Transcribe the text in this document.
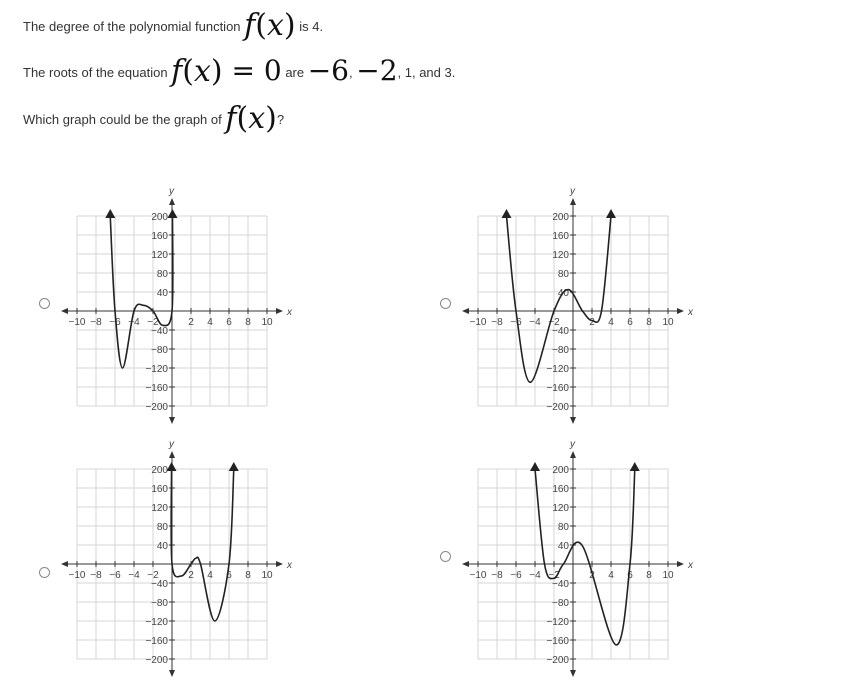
The degree of the polynomial function f(x) is 4.
The roots of the equation f(x) = 0 are −6, −2, 1, and 3.
Which graph could be the graph of f(x)?
x
y
−10 −8 −6 −4 −2	2 4 6 8 10
200
160
120
80
40
−40
−80
−120
−160
−200
x
y
−10 −8 −6 −4 −2	2 4 6 8 10
200
160
120
80
40
−40
−80
−120
−160
−200
x
y
−10 −8 −6 −4 −2	2 4 6 8 10
200
160
120
80
40
−40
−80
−120
−160
−200
x
y
−10 −8 −6 −4 −2	2 4 6 8 10
200
160
120
80
40
−40
−80
−120
−160
−200
